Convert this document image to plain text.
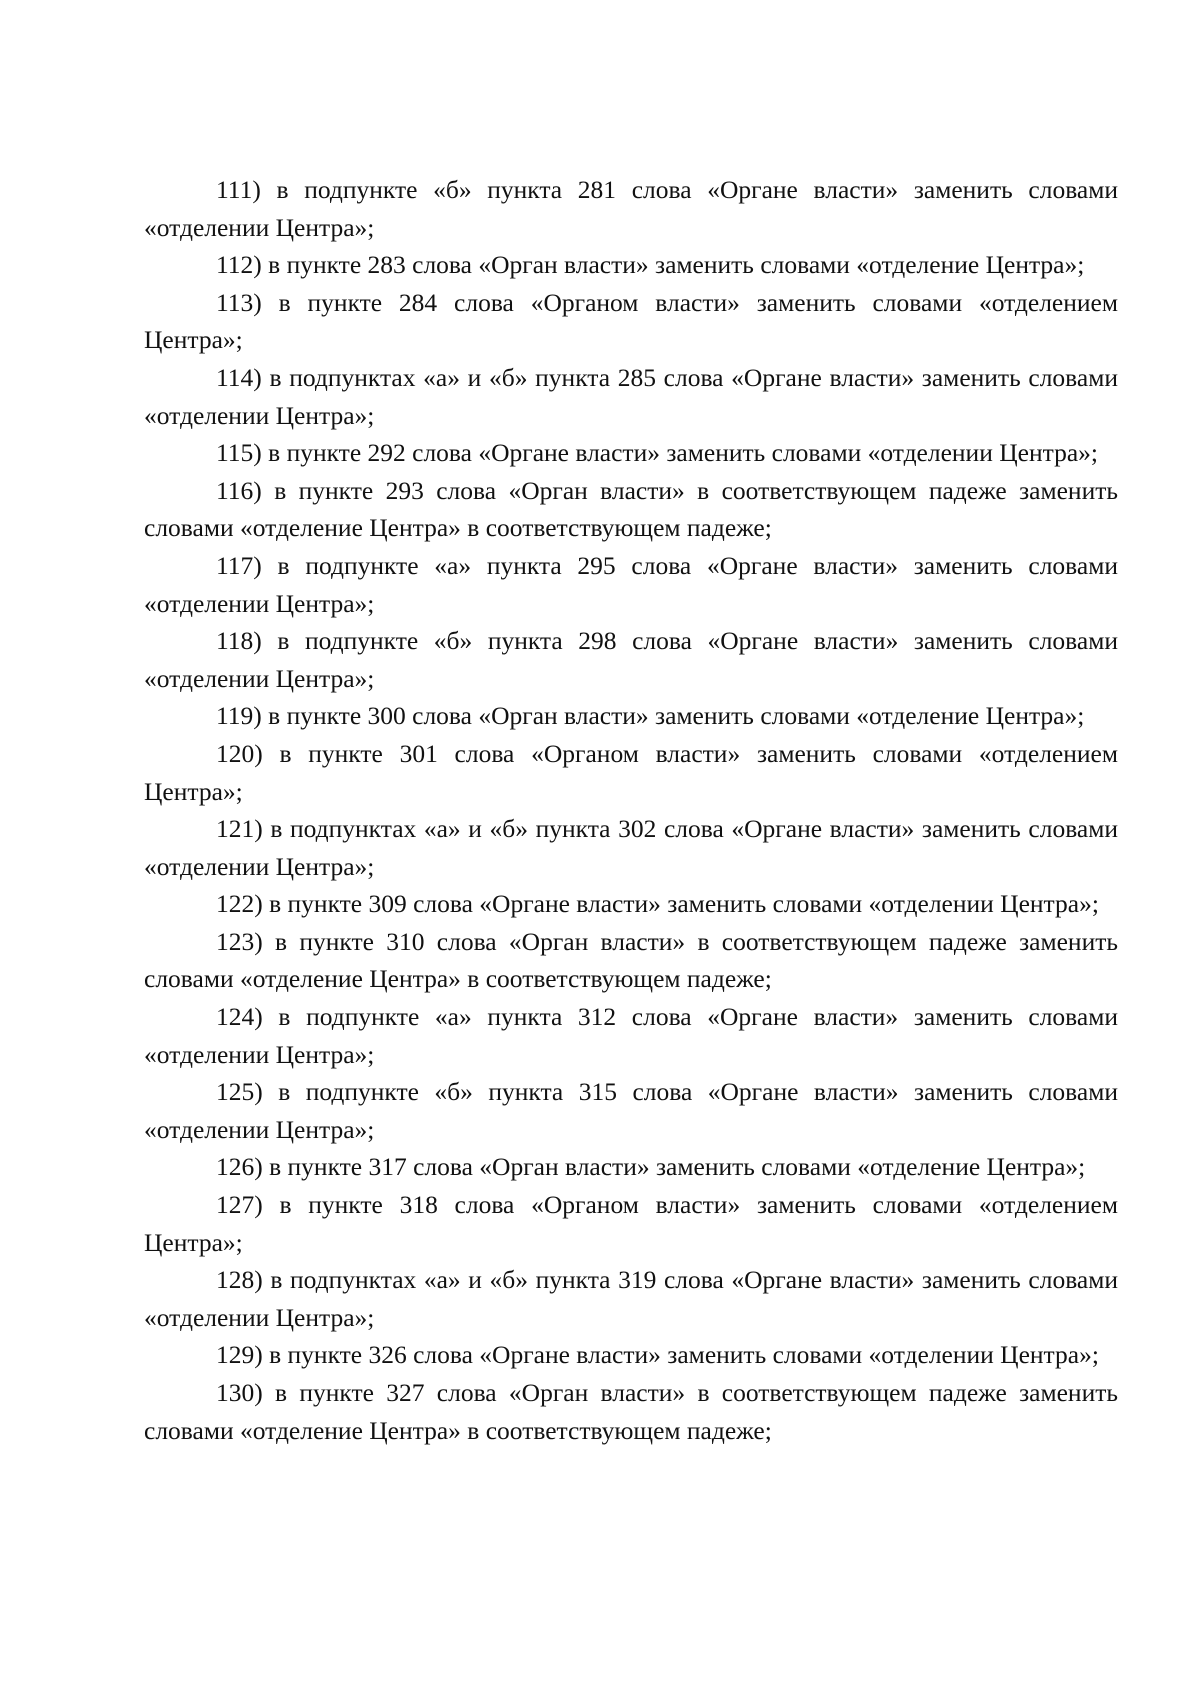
111) в подпункте «б» пункта 281 слова «Органе власти» заменить словами «отделении Центра»;

112) в пункте 283 слова «Орган власти» заменить словами «отделение Центра»;

113) в пункте 284 слова «Органом власти» заменить словами «отделением Центра»;

114) в подпунктах «а» и «б» пункта 285 слова «Органе власти» заменить словами «отделении Центра»;

115) в пункте 292 слова «Органе власти» заменить словами «отделении Центра»;

116) в пункте 293 слова «Орган власти» в соответствующем падеже заменить словами «отделение Центра» в соответствующем падеже;

117) в подпункте «а» пункта 295 слова «Органе власти» заменить словами «отделении Центра»;

118) в подпункте «б» пункта 298 слова «Органе власти» заменить словами «отделении Центра»;

119) в пункте 300 слова «Орган власти» заменить словами «отделение Центра»;

120) в пункте 301 слова «Органом власти» заменить словами «отделением Центра»;

121) в подпунктах «а» и «б» пункта 302 слова «Органе власти» заменить словами «отделении Центра»;

122) в пункте 309 слова «Органе власти» заменить словами «отделении Центра»;

123) в пункте 310 слова «Орган власти» в соответствующем падеже заменить словами «отделение Центра» в соответствующем падеже;

124) в подпункте «а» пункта 312 слова «Органе власти» заменить словами «отделении Центра»;

125) в подпункте «б» пункта 315 слова «Органе власти» заменить словами «отделении Центра»;

126) в пункте 317 слова «Орган власти» заменить словами «отделение Центра»;

127) в пункте 318 слова «Органом власти» заменить словами «отделением Центра»;

128) в подпунктах «а» и «б» пункта 319 слова «Органе власти» заменить словами «отделении Центра»;

129) в пункте 326 слова «Органе власти» заменить словами «отделении Центра»;

130) в пункте 327 слова «Орган власти» в соответствующем падеже заменить словами «отделение Центра» в соответствующем падеже;
